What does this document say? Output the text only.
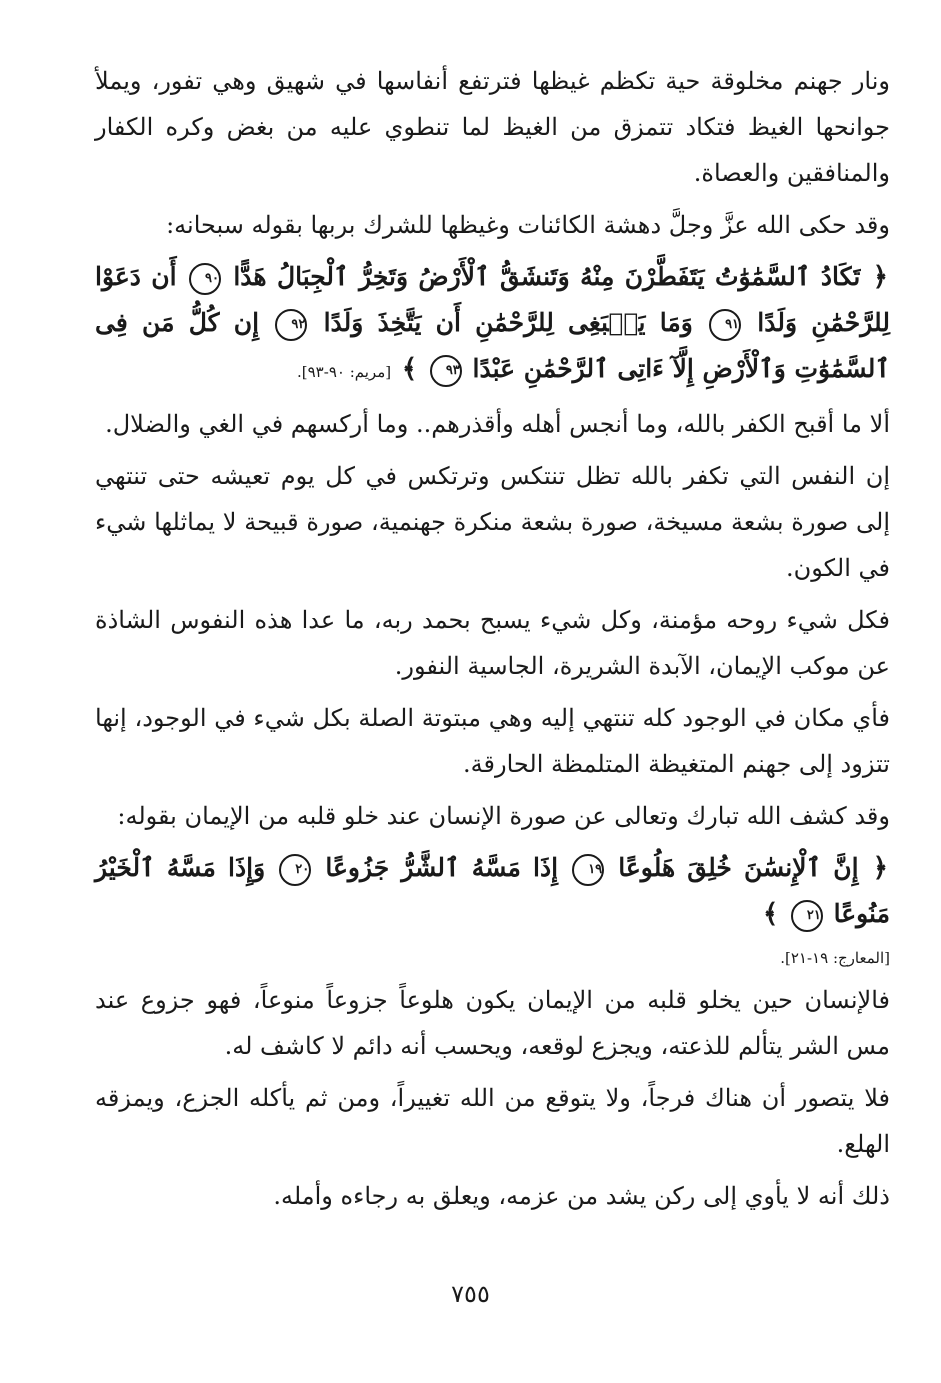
ونار جهنم مخلوقة حية تكظم غيظها فترتفع أنفاسها في شهيق وهي تفور، ويملأ جوانحها الغيظ فتكاد تتمزق من الغيظ لما تنطوي عليه من بغض وكره الكفار والمنافقين والعصاة.

وقد حكى الله عزَّ وجلَّ دهشة الكائنات وغيظها للشرك بربها بقوله سبحانه:

﴿ تَكَادُ ٱلسَّمَٰوَٰتُ يَتَفَطَّرْنَ مِنْهُ وَتَنشَقُّ ٱلْأَرْضُ وَتَخِرُّ ٱلْجِبَالُ هَدًّا ٩٠ أَن دَعَوْا لِلرَّحْمَٰنِ وَلَدًا ٩١ وَمَا يَنۢبَغِى لِلرَّحْمَٰنِ أَن يَتَّخِذَ وَلَدًا ٩٢ إِن كُلُّ مَن فِى ٱلسَّمَٰوَٰتِ وَٱلْأَرْضِ إِلَّآ ءَاتِى ٱلرَّحْمَٰنِ عَبْدًا ٩٣ ﴾ [مريم: ٩٠-٩٣].

ألا ما أقبح الكفر بالله، وما أنجس أهله وأقذرهم.. وما أركسهم في الغي والضلال.

إن النفس التي تكفر بالله تظل تنتكس وترتكس في كل يوم تعيشه حتى تنتهي إلى صورة بشعة مسيخة، صورة بشعة منكرة جهنمية، صورة قبيحة لا يماثلها شيء في الكون.

فكل شيء روحه مؤمنة، وكل شيء يسبح بحمد ربه، ما عدا هذه النفوس الشاذة عن موكب الإيمان، الآبدة الشريرة، الجاسية النفور.

فأي مكان في الوجود كله تنتهي إليه وهي مبتوتة الصلة بكل شيء في الوجود، إنها تتزود إلى جهنم المتغيظة المتلمظة الحارقة.

وقد كشف الله تبارك وتعالى عن صورة الإنسان عند خلو قلبه من الإيمان بقوله:

﴿ إِنَّ ٱلْإِنسَٰنَ خُلِقَ هَلُوعًا ١٩ إِذَا مَسَّهُ ٱلشَّرُّ جَزُوعًا ٢٠ وَإِذَا مَسَّهُ ٱلْخَيْرُ مَنُوعًا ٢١ ﴾

[المعارج: ١٩-٢١].

فالإنسان حين يخلو قلبه من الإيمان يكون هلوعاً جزوعاً منوعاً، فهو جزوع عند مس الشر يتألم للذعته، ويجزع لوقعه، ويحسب أنه دائم لا كاشف له.

فلا يتصور أن هناك فرجاً، ولا يتوقع من الله تغييراً، ومن ثم يأكله الجزع، ويمزقه الهلع.

ذلك أنه لا يأوي إلى ركن يشد من عزمه، ويعلق به رجاءه وأمله.

٧٥٥
